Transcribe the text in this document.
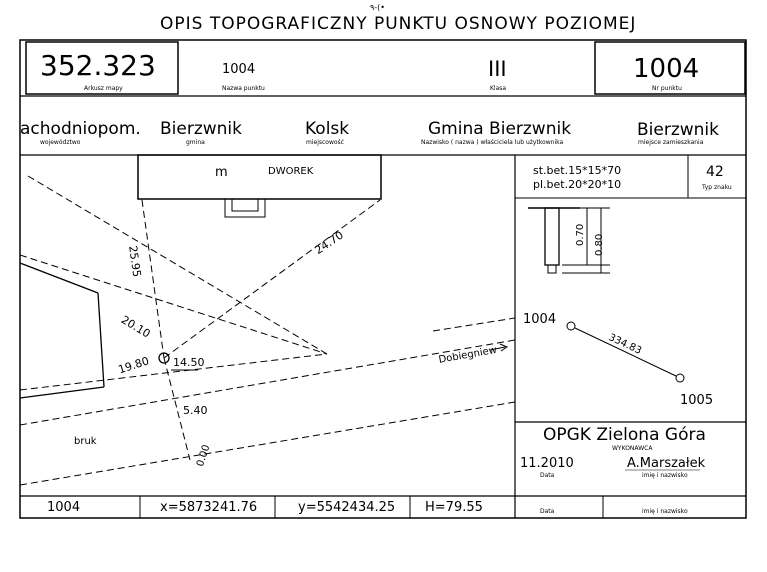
OPIS TOPOGRAFICZNY PUNKTU OSNOWY POZIOMEJ
٩-(•
352.323
Arkusz mapy
1004
Nazwa punktu
III
Klasa
1004
Nr punktu
achodniopom.
województwo
Bierzwnik
gmina
Kolsk
miejscowość
Gmina Bierzwnik
Nazwisko ( nazwa ) właściciela lub użytkownika
Bierzwnik
miejsce zamieszkania
m	DWOREK
25.95
24.70
20.10
19.80 14.50
5.40
0.00
Dobiegniew
bruk
st.bet.15*15*70
pl.bet.20*20*10
42
Typ znaku
0.70 0.80
1004
1005
334.83
OPGK Zielona Góra
WYKONAWCA
11.2010
Data
A.Marszałek
imię i nazwisko
Data	imię i nazwisko
1004	x=5873241.76	y=5542434.25 H=79.55
